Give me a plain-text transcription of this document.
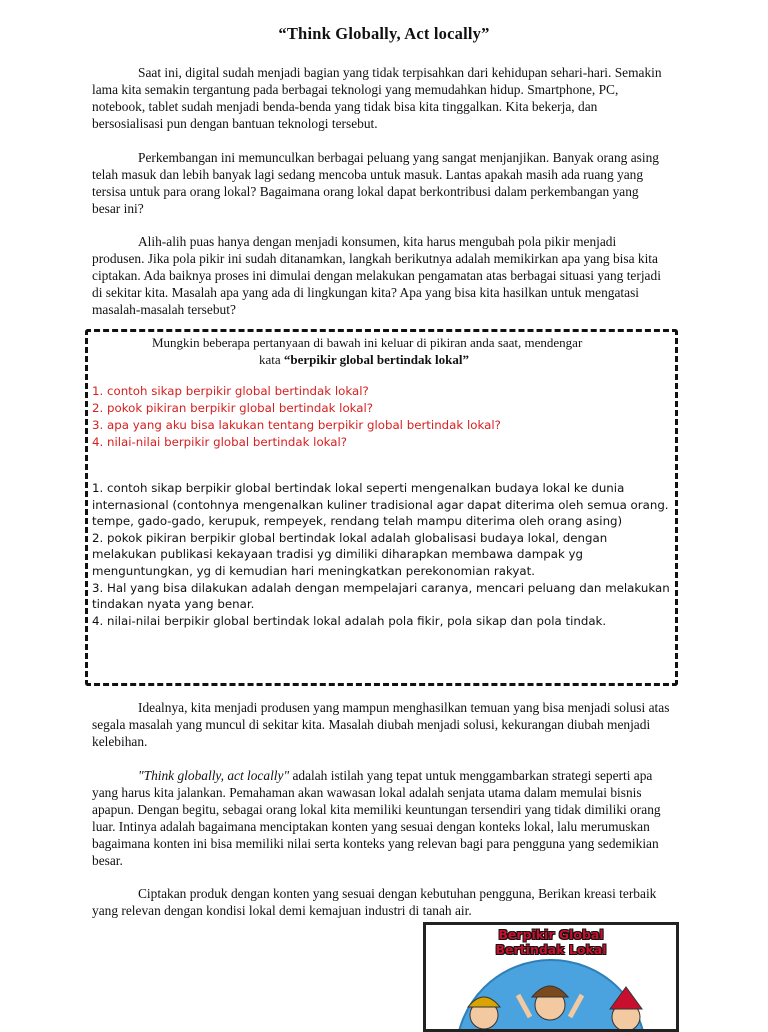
“Think Globally, Act locally”

Saat ini, digital sudah menjadi bagian yang tidak terpisahkan dari kehidupan sehari-hari. Semakin lama kita semakin tergantung pada berbagai teknologi yang memudahkan hidup. Smartphone, PC, notebook, tablet sudah menjadi benda-benda yang tidak bisa kita tinggalkan. Kita bekerja, dan bersosialisasi pun dengan bantuan teknologi tersebut.

Perkembangan ini memunculkan berbagai peluang yang sangat menjanjikan. Banyak orang asing telah masuk dan lebih banyak lagi sedang mencoba untuk masuk. Lantas apakah masih ada ruang yang tersisa untuk para orang lokal? Bagaimana orang lokal dapat berkontribusi dalam perkembangan yang besar ini?

Alih-alih puas hanya dengan menjadi konsumen, kita harus mengubah pola pikir menjadi produsen. Jika pola pikir ini sudah ditanamkan, langkah berikutnya adalah memikirkan apa yang bisa kita ciptakan. Ada baiknya proses ini dimulai dengan melakukan pengamatan atas berbagai situasi yang terjadi di sekitar kita. Masalah apa yang ada di lingkungan kita? Apa yang bisa kita hasilkan untuk mengatasi masalah-masalah tersebut?

Mungkin beberapa pertanyaan di bawah ini keluar di pikiran anda saat, mendengar
kata “berpikir global bertindak lokal”

1. contoh sikap berpikir global bertindak lokal?
2. pokok pikiran berpikir global bertindak lokal?
3. apa yang aku bisa lakukan tentang berpikir global bertindak lokal?
4. nilai-nilai berpikir global bertindak lokal?
1. contoh sikap berpikir global bertindak lokal seperti mengenalkan budaya lokal ke dunia internasional (contohnya mengenalkan kuliner tradisional agar dapat diterima oleh semua orang. tempe, gado-gado, kerupuk, rempeyek, rendang telah mampu diterima oleh orang asing)
2. pokok pikiran berpikir global bertindak lokal adalah globalisasi budaya lokal, dengan melakukan publikasi kekayaan tradisi yg dimiliki diharapkan membawa dampak yg menguntungkan, yg di kemudian hari meningkatkan perekonomian rakyat.
3. Hal yang bisa dilakukan adalah dengan mempelajari caranya, mencari peluang dan melakukan tindakan nyata yang benar.
4. nilai-nilai berpikir global bertindak lokal adalah pola fikir, pola sikap dan pola tindak.

Idealnya, kita menjadi produsen yang mampun menghasilkan temuan yang bisa menjadi solusi atas segala masalah yang muncul di sekitar kita. Masalah diubah menjadi solusi, kekurangan diubah menjadi kelebihan.

"Think globally, act locally" adalah istilah yang tepat untuk menggambarkan strategi seperti apa yang harus kita jalankan. Pemahaman akan wawasan lokal adalah senjata utama dalam memulai bisnis apapun. Dengan begitu, sebagai orang lokal kita memiliki keuntungan tersendiri yang tidak dimiliki orang luar. Intinya adalah bagaimana menciptakan konten yang sesuai dengan konteks lokal, lalu merumuskan bagaimana konten ini bisa memiliki nilai serta konteks yang relevan bagi para pengguna yang sedemikian besar.

Ciptakan produk dengan konten yang sesuai dengan kebutuhan pengguna, Berikan kreasi terbaik yang relevan dengan kondisi lokal demi kemajuan industri di tanah air.

Berpikir Global
Bertindak Lokal
